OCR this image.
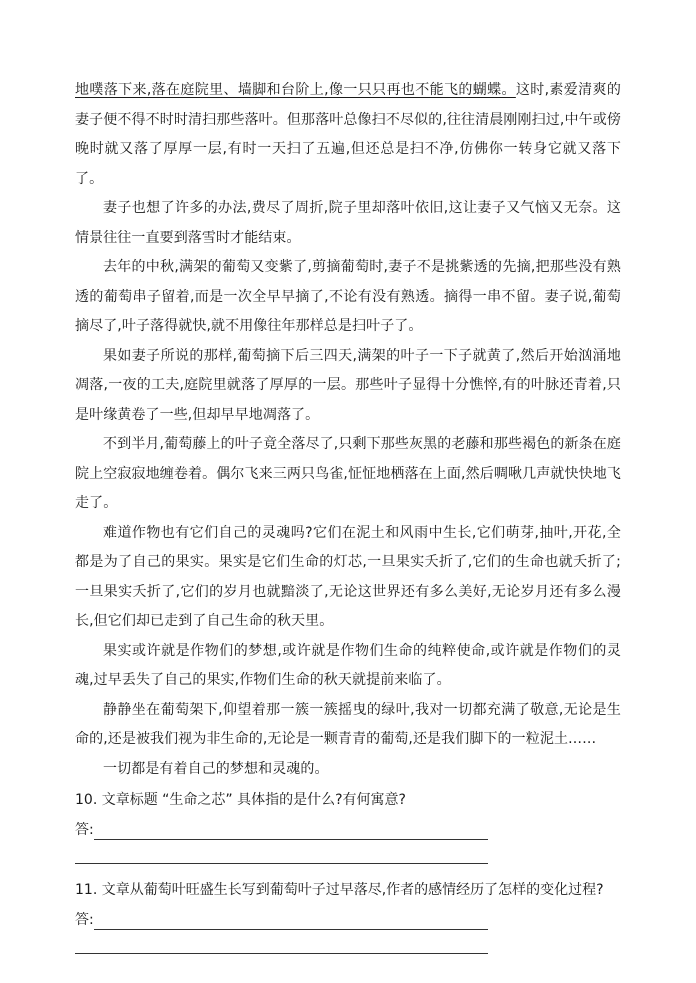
地噗落下来,落在庭院里、墙脚和台阶上,像一只只再也不能飞的蝴蝶。这时,素爱清爽的妻子便不得不时时清扫那些落叶。但那落叶总像扫不尽似的,往往清晨刚刚扫过,中午或傍晚时就又落了厚厚一层,有时一天扫了五遍,但还总是扫不净,仿佛你一转身它就又落下了。

妻子也想了许多的办法,费尽了周折,院子里却落叶依旧,这让妻子又气恼又无奈。这情景往往一直要到落雪时才能结束。

去年的中秋,满架的葡萄又变紫了,剪摘葡萄时,妻子不是挑紫透的先摘,把那些没有熟透的葡萄串子留着,而是一次全早早摘了,不论有没有熟透。摘得一串不留。妻子说,葡萄摘尽了,叶子落得就快,就不用像往年那样总是扫叶子了。

果如妻子所说的那样,葡萄摘下后三四天,满架的叶子一下子就黄了,然后开始汹涌地凋落,一夜的工夫,庭院里就落了厚厚的一层。那些叶子显得十分憔悴,有的叶脉还青着,只是叶缘黄卷了一些,但却早早地凋落了。

不到半月,葡萄藤上的叶子竟全落尽了,只剩下那些灰黑的老藤和那些褐色的新条在庭院上空寂寂地缠卷着。偶尔飞来三两只鸟雀,怔怔地栖落在上面,然后啁啾几声就快快地飞走了。

难道作物也有它们自己的灵魂吗?它们在泥土和风雨中生长,它们萌芽,抽叶,开花,全都是为了自己的果实。果实是它们生命的灯芯,一旦果实夭折了,它们的生命也就夭折了;一旦果实夭折了,它们的岁月也就黯淡了,无论这世界还有多么美好,无论岁月还有多么漫长,但它们却已走到了自己生命的秋天里。

果实或许就是作物们的梦想,或许就是作物们生命的纯粹使命,或许就是作物们的灵魂,过早丢失了自己的果实,作物们生命的秋天就提前来临了。

静静坐在葡萄架下,仰望着那一簇一簇摇曳的绿叶,我对一切都充满了敬意,无论是生命的,还是被我们视为非生命的,无论是一颗青青的葡萄,还是我们脚下的一粒泥土……

一切都是有着自己的梦想和灵魂的。

10. 文章标题 “生命之芯” 具体指的是什么?有何寓意?

答:

11. 文章从葡萄叶旺盛生长写到葡萄叶子过早落尽,作者的感情经历了怎样的变化过程?

答:
